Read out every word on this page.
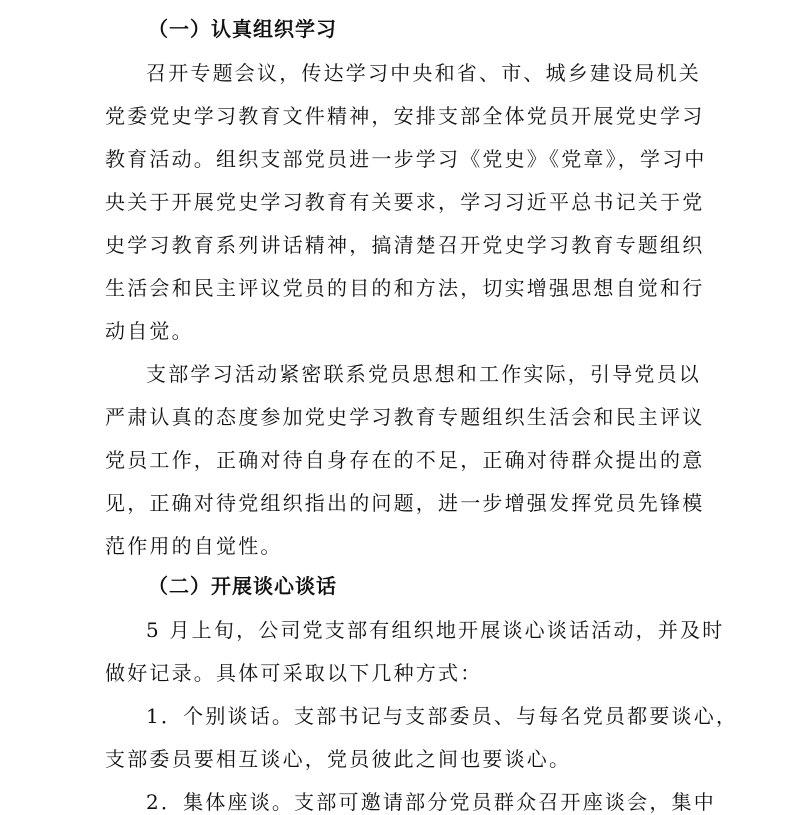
（一）认真组织学习
召开专题会议，传达学习中央和省、市、城乡建设局机关
党委党史学习教育文件精神，安排支部全体党员开展党史学习
教育活动。组织支部党员进一步学习《党史》《党章》，学习中
央关于开展党史学习教育有关要求，学习习近平总书记关于党
史学习教育系列讲话精神，搞清楚召开党史学习教育专题组织
生活会和民主评议党员的目的和方法，切实增强思想自觉和行
动自觉。
支部学习活动紧密联系党员思想和工作实际，引导党员以
严肃认真的态度参加党史学习教育专题组织生活会和民主评议
党员工作，正确对待自身存在的不足，正确对待群众提出的意
见，正确对待党组织指出的问题，进一步增强发挥党员先锋模
范作用的自觉性。
（二）开展谈心谈话
5 月上旬，公司党支部有组织地开展谈心谈话活动，并及时
做好记录。具体可采取以下几种方式：
1．个别谈话。支部书记与支部委员、与每名党员都要谈心，
支部委员要相互谈心，党员彼此之间也要谈心。
2．集体座谈。支部可邀请部分党员群众召开座谈会，集中
